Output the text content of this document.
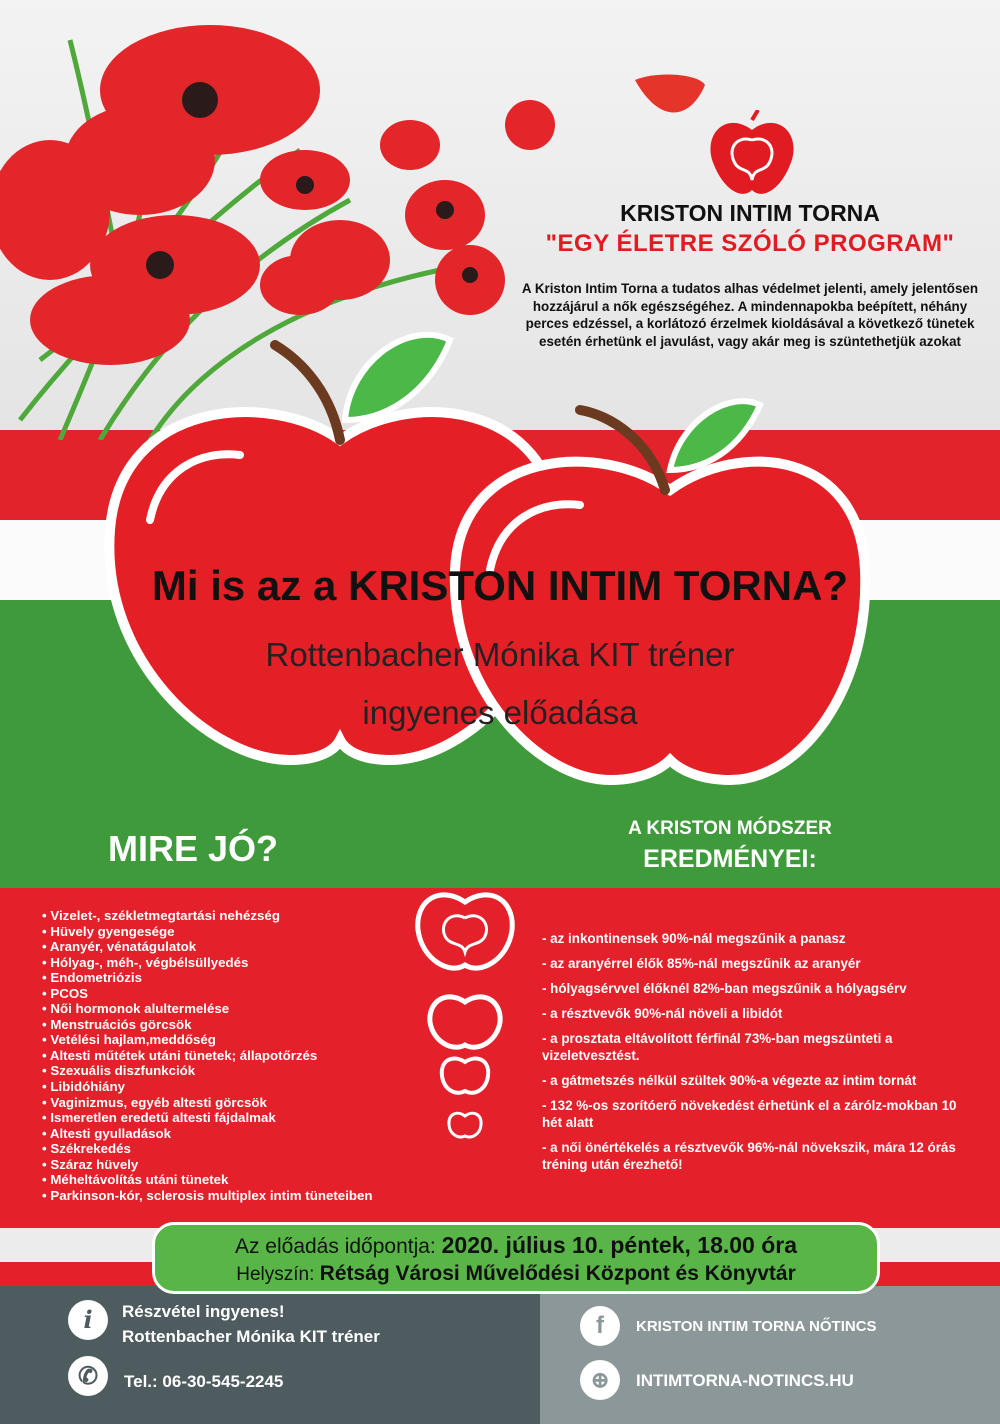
KRISTON INTIM TORNA
"EGY ÉLETRE SZÓLÓ PROGRAM"
A Kriston Intim Torna a tudatos alhas védelmet jelenti, amely jelentősen hozzájárul a nők egészségéhez. A mindennapokba beépített, néhány perces edzéssel, a korlátozó érzelmek kioldásával a következő tünetek esetén érhetünk el javulást, vagy akár meg is szüntethetjük azokat
Mi is az a KRISTON INTIM TORNA?
Rottenbacher Mónika KIT tréner
ingyenes előadása
MIRE JÓ?	A KRISTON MÓDSZER
EREDMÉNYEI:
• Vizelet-, székletmegtartási nehézség
• Hüvely gyengesége
• Aranyér, vénatágulatok
• Hólyag-, méh-, végbélsüllyedés
• Endometriózis
• PCOS
• Női hormonok alultermelése
• Menstruációs görcsök
• Vetélési hajlam,meddőség
• Altesti műtétek utáni tünetek; állapotőrzés
• Szexuális diszfunkciók
• Libidóhiány
• Vaginizmus, egyéb altesti görcsök
• Ismeretlen eredetű altesti fájdalmak
• Altesti gyulladások
• Székrekedés
• Száraz hüvely
• Méheltávolítás utáni tünetek
• Parkinson-kór, sclerosis multiplex intim tüneteiben
- az inkontinensek 90%-nál megszűnik a panasz
- az aranyérrel élők 85%-nál megszűnik az aranyér
- hólyagsérvvel élőknél 82%-ban megszűnik a hólyagsérv
- a résztvevők 90%-nál növeli a libidót
- a prosztata eltávolított férfinál 73%-ban megszünteti a vizeletvesztést.
- a gátmetszés nélkül szültek 90%-a végezte az intim tornát
- 132 %-os szorítóerő növekedést érhetünk el a zárólz-mokban 10 hét alatt
- a női önértékelés a résztvevők 96%-nál növekszik, mára 12 órás tréning után érezhető!
Az előadás időpontja: 2020. július 10. péntek, 18.00 óra
Helyszín: Rétság Városi Művelődési Központ és Könyvtár
i	Részvétel ingyenes!
Rottenbacher Mónika KIT tréner
✆	Tel.: 06-30-545-2245
f	KRISTON INTIM TORNA NŐTINCS
⊕	INTIMTORNA-NOTINCS.HU
